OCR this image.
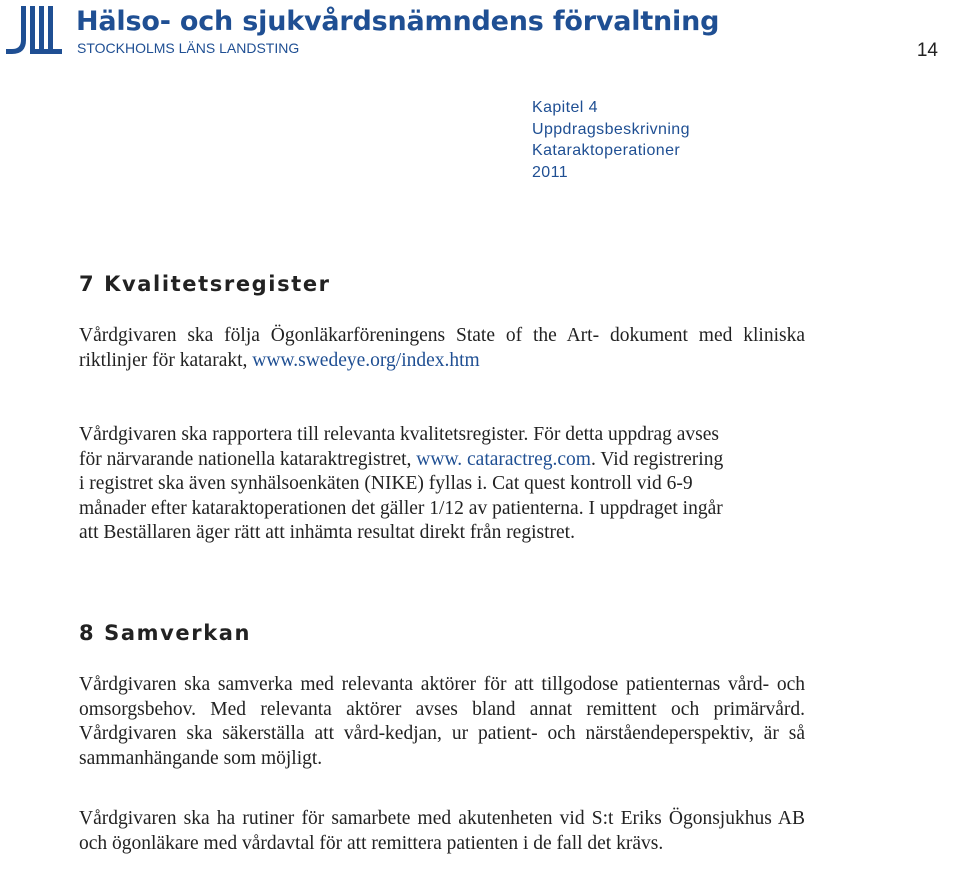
Hälso- och sjukvårdsnämndens förvaltning
STOCKHOLMS LÄNS LANDSTING	14
Kapitel 4
Uppdragsbeskrivning
Kataraktoperationer
2011
7 Kvalitetsregister

Vårdgivaren ska följa Ögonläkarföreningens State of the Art- dokument med kliniska riktlinjer för katarakt, www.swedeye.org/index.htm

Vårdgivaren ska rapportera till relevanta kvalitetsregister. För detta uppdrag avses för närvarande nationella kataraktregistret, www. cataractreg.com. Vid registrering i registret ska även synhälsoenkäten (NIKE) fyllas i. Cat quest kontroll vid 6-9 månader efter kataraktoperationen det gäller 1/12 av patienterna. I uppdraget ingår att Beställaren äger rätt att inhämta resultat direkt från registret.

8 Samverkan

Vårdgivaren ska samverka med relevanta aktörer för att tillgodose patienternas vård- och omsorgsbehov. Med relevanta aktörer avses bland annat remittent och primärvård. Vårdgivaren ska säkerställa att vård-kedjan, ur patient- och närståendeperspektiv, är så sammanhängande som möjligt.

Vårdgivaren ska ha rutiner för samarbete med akutenheten vid S:t Eriks Ögonsjukhus AB och ögonläkare med vårdavtal för att remittera patienten i de fall det krävs.
